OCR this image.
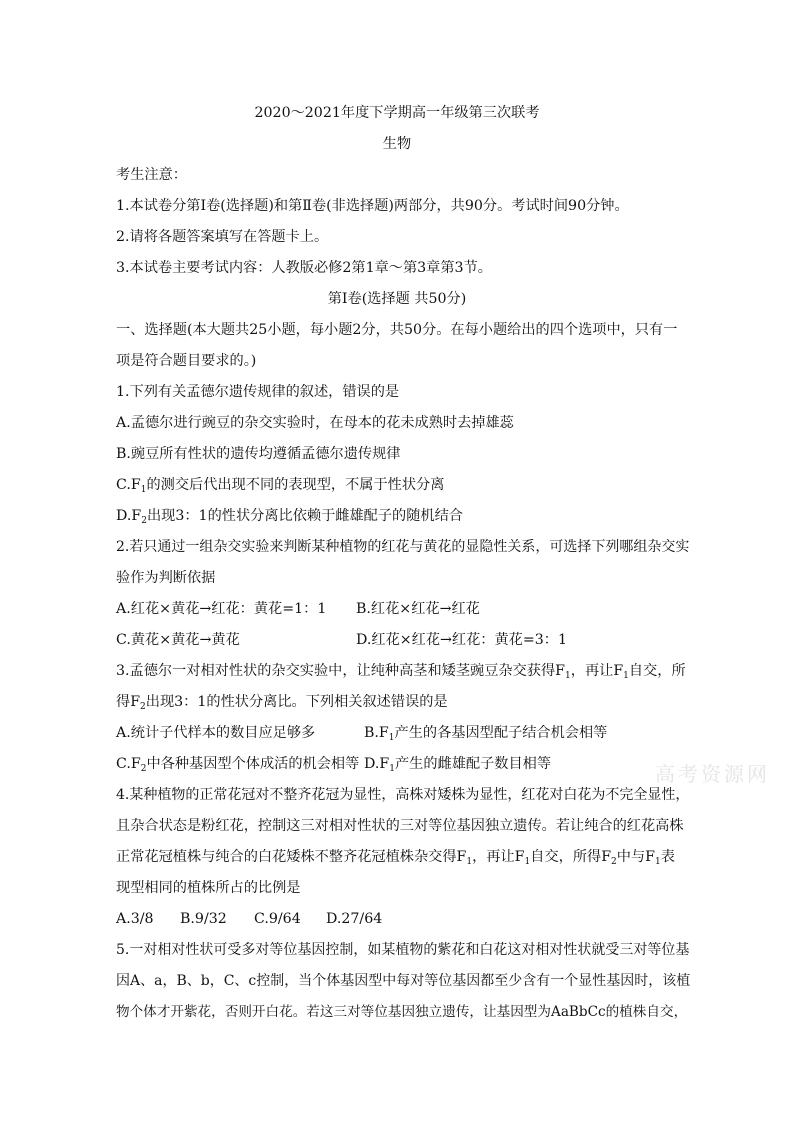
2020～2021年度下学期高一年级第三次联考
生物
考生注意：
1.本试卷分第Ⅰ卷(选择题)和第Ⅱ卷(非选择题)两部分，共90分。考试时间90分钟。
2.请将各题答案填写在答题卡上。
3.本试卷主要考试内容：人教版必修2第1章～第3章第3节。
第Ⅰ卷(选择题 共50分)
一、选择题(本大题共25小题，每小题2分，共50分。在每小题给出的四个选项中，只有一
项是符合题目要求的。)
1.下列有关孟德尔遗传规律的叙述，错误的是
A.孟德尔进行豌豆的杂交实验时，在母本的花未成熟时去掉雄蕊
B.豌豆所有性状的遗传均遵循孟德尔遗传规律
$C.F_1$的测交后代出现不同的表现型，不属于性状分离
$D.F_2$出现3：1的性状分离比依赖于雌雄配子的随机结合
2.若只通过一组杂交实验来判断某种植物的红花与黄花的显隐性关系，可选择下列哪组杂交实
验作为判断依据
A.红花×黄花→红花：黄花=1：1 B.红花×红花→红花
C.黄花×黄花→黄花	D.红花×红花→红花：黄花=3：1
3.孟德尔一对相对性状的杂交实验中，让纯种高茎和矮茎豌豆杂交获得$F_1$，再让$F_1$自交，所
得$F_2$出现3：1的性状分离比。下列相关叙述错误的是
A.统计子代样本的数目应足够多	$B.F_1$产生的各基因型配子结合机会相等
$C.F_2$中各种基因型个体成活的机会相等 $D.F_1$产生的雌雄配子数目相等	高考资源网
4.某种植物的正常花冠对不整齐花冠为显性，高株对矮株为显性，红花对白花为不完全显性，
且杂合状态是粉红花，控制这三对相对性状的三对等位基因独立遗传。若让纯合的红花高株
正常花冠植株与纯合的白花矮株不整齐花冠植株杂交得$F_1$，再让$F_1$自交，所得$F_2$中与$F_1$表
现型相同的植株所占的比例是
A.3/8 B.9/32 C.9/64 D.27/64
5.一对相对性状可受多对等位基因控制，如某植物的紫花和白花这对相对性状就受三对等位基
因A、a，B、b，C、c控制，当个体基因型中每对等位基因都至少含有一个显性基因时，该植
物个体才开紫花，否则开白花。若这三对等位基因独立遗传，让基因型为AaBbCc的植株自交，
